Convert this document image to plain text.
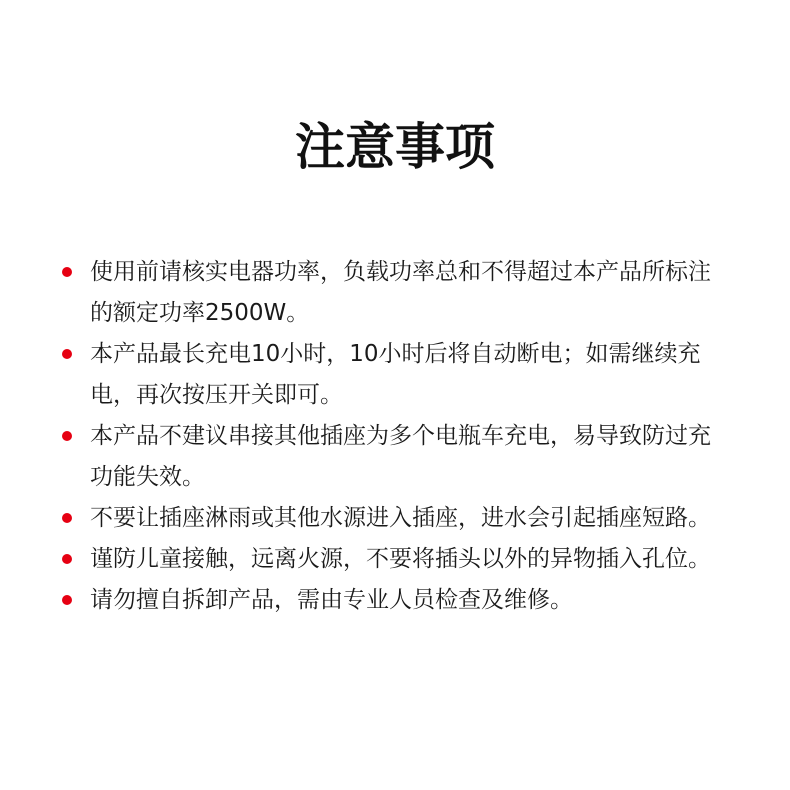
注意事项
使用前请核实电器功率，负载功率总和不得超过本产品所标注
的额定功率2500W。
本产品最长充电10小时，10小时后将自动断电；如需继续充
电，再次按压开关即可。
本产品不建议串接其他插座为多个电瓶车充电，易导致防过充
功能失效。
不要让插座淋雨或其他水源进入插座，进水会引起插座短路。
谨防儿童接触，远离火源，不要将插头以外的异物插入孔位。
请勿擅自拆卸产品，需由专业人员检查及维修。
